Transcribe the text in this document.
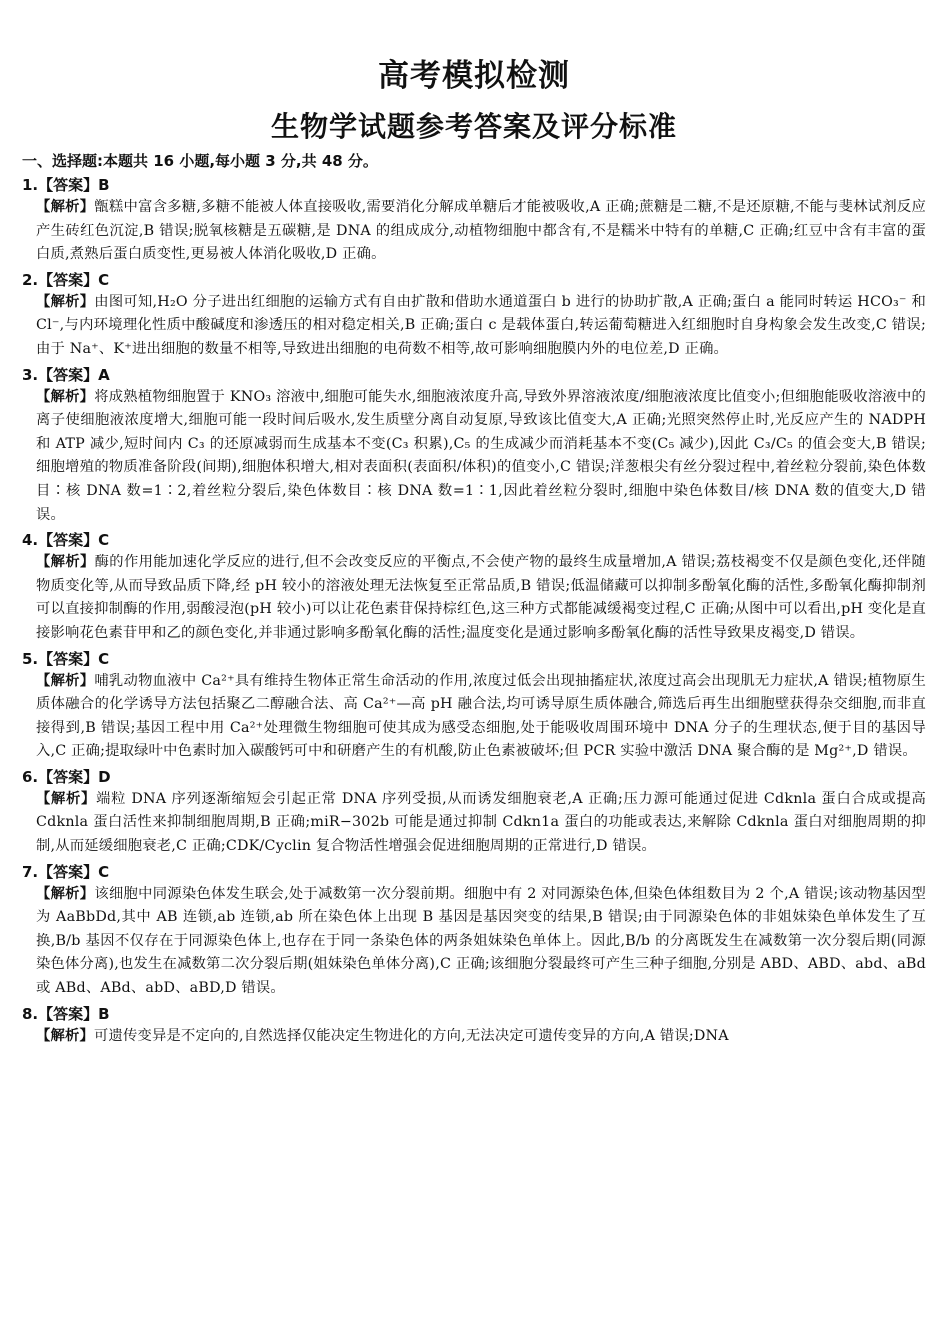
高考模拟检测
生物学试题参考答案及评分标准
一、选择题:本题共 16 小题,每小题 3 分,共 48 分。
1.【答案】B
【解析】甑糕中富含多糖,多糖不能被人体直接吸收,需要消化分解成单糖后才能被吸收,A 正确;蔗糖是二糖,不是还原糖,不能与斐林试剂反应产生砖红色沉淀,B 错误;脱氧核糖是五碳糖,是 DNA 的组成成分,动植物细胞中都含有,不是糯米中特有的单糖,C 正确;红豆中含有丰富的蛋白质,煮熟后蛋白质变性,更易被人体消化吸收,D 正确。
2.【答案】C
【解析】由图可知,H₂O 分子进出红细胞的运输方式有自由扩散和借助水通道蛋白 b 进行的协助扩散,A 正确;蛋白 a 能同时转运 HCO₃⁻ 和 Cl⁻,与内环境理化性质中酸碱度和渗透压的相对稳定相关,B 正确;蛋白 c 是载体蛋白,转运葡萄糖进入红细胞时自身构象会发生改变,C 错误;由于 Na⁺、K⁺进出细胞的数量不相等,导致进出细胞的电荷数不相等,故可影响细胞膜内外的电位差,D 正确。
3.【答案】A
【解析】将成熟植物细胞置于 KNO₃ 溶液中,细胞可能失水,细胞液浓度升高,导致外界溶液浓度/细胞液浓度比值变小;但细胞能吸收溶液中的离子使细胞液浓度增大,细胞可能一段时间后吸水,发生质壁分离自动复原,导致该比值变大,A 正确;光照突然停止时,光反应产生的 NADPH 和 ATP 减少,短时间内 C₃ 的还原减弱而生成基本不变(C₃ 积累),C₅ 的生成减少而消耗基本不变(C₅ 减少),因此 C₃/C₅ 的值会变大,B 错误;细胞增殖的物质准备阶段(间期),细胞体积增大,相对表面积(表面积/体积)的值变小,C 错误;洋葱根尖有丝分裂过程中,着丝粒分裂前,染色体数目∶核 DNA 数=1∶2,着丝粒分裂后,染色体数目∶核 DNA 数=1∶1,因此着丝粒分裂时,细胞中染色体数目/核 DNA 数的值变大,D 错误。
4.【答案】C
【解析】酶的作用能加速化学反应的进行,但不会改变反应的平衡点,不会使产物的最终生成量增加,A 错误;荔枝褐变不仅是颜色变化,还伴随物质变化等,从而导致品质下降,经 pH 较小的溶液处理无法恢复至正常品质,B 错误;低温储藏可以抑制多酚氧化酶的活性,多酚氧化酶抑制剂可以直接抑制酶的作用,弱酸浸泡(pH 较小)可以让花色素苷保持棕红色,这三种方式都能减缓褐变过程,C 正确;从图中可以看出,pH 变化是直接影响花色素苷甲和乙的颜色变化,并非通过影响多酚氧化酶的活性;温度变化是通过影响多酚氧化酶的活性导致果皮褐变,D 错误。
5.【答案】C
【解析】哺乳动物血液中 Ca²⁺具有维持生物体正常生命活动的作用,浓度过低会出现抽搐症状,浓度过高会出现肌无力症状,A 错误;植物原生质体融合的化学诱导方法包括聚乙二醇融合法、高 Ca²⁺—高 pH 融合法,均可诱导原生质体融合,筛选后再生出细胞壁获得杂交细胞,而非直接得到,B 错误;基因工程中用 Ca²⁺处理微生物细胞可使其成为感受态细胞,处于能吸收周围环境中 DNA 分子的生理状态,便于目的基因导入,C 正确;提取绿叶中色素时加入碳酸钙可中和研磨产生的有机酸,防止色素被破坏;但 PCR 实验中激活 DNA 聚合酶的是 Mg²⁺,D 错误。
6.【答案】D
【解析】端粒 DNA 序列逐渐缩短会引起正常 DNA 序列受损,从而诱发细胞衰老,A 正确;压力源可能通过促进 Cdknla 蛋白合成或提高 Cdknla 蛋白活性来抑制细胞周期,B 正确;miR−302b 可能是通过抑制 Cdkn1a 蛋白的功能或表达,来解除 Cdknla 蛋白对细胞周期的抑制,从而延缓细胞衰老,C 正确;CDK/Cyclin 复合物活性增强会促进细胞周期的正常进行,D 错误。
7.【答案】C
【解析】该细胞中同源染色体发生联会,处于减数第一次分裂前期。细胞中有 2 对同源染色体,但染色体组数目为 2 个,A 错误;该动物基因型为 AaBbDd,其中 AB 连锁,ab 连锁,ab 所在染色体上出现 B 基因是基因突变的结果,B 错误;由于同源染色体的非姐妹染色单体发生了互换,B/b 基因不仅存在于同源染色体上,也存在于同一条染色体的两条姐妹染色单体上。因此,B/b 的分离既发生在减数第一次分裂后期(同源染色体分离),也发生在减数第二次分裂后期(姐妹染色单体分离),C 正确;该细胞分裂最终可产生三种子细胞,分别是 ABD、ABD、abd、aBd 或 ABd、ABd、abD、aBD,D 错误。
8.【答案】B
【解析】可遗传变异是不定向的,自然选择仅能决定生物进化的方向,无法决定可遗传变异的方向,A 错误;DNA
